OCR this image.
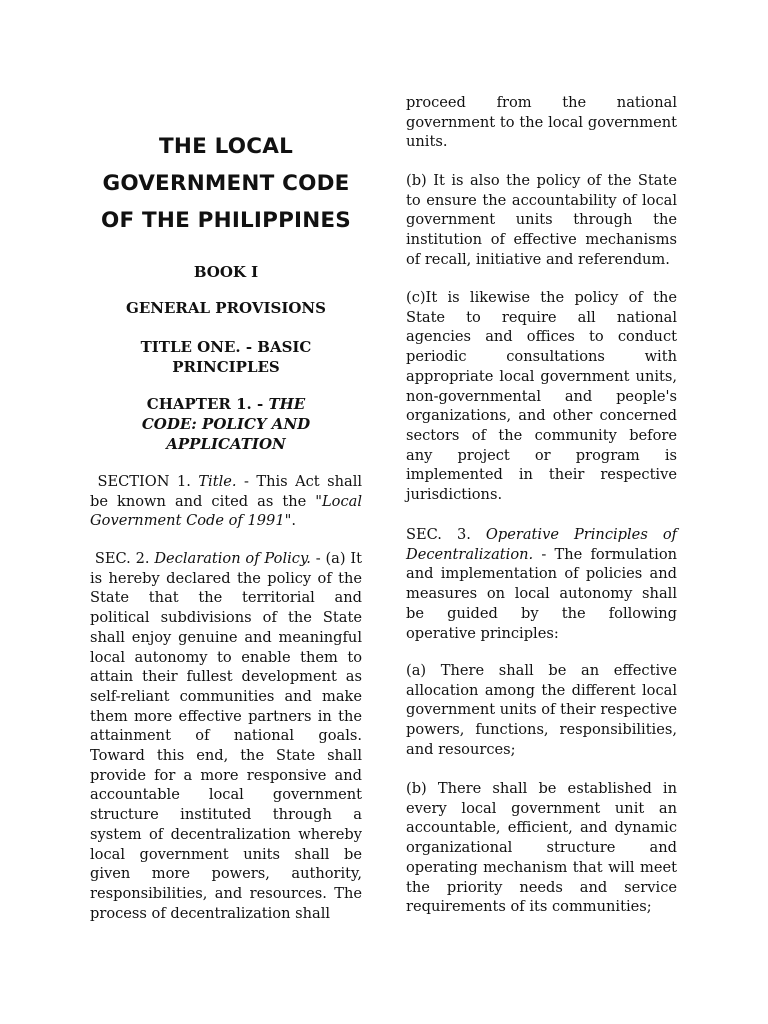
THE LOCAL
GOVERNMENT CODE
OF THE PHILIPPINES

BOOK I

GENERAL PROVISIONS

TITLE ONE. - BASIC PRINCIPLES

CHAPTER 1. - THE CODE: POLICY AND APPLICATION

SECTION 1. Title. - This Act shall be known and cited as the "Local Government Code of 1991".

SEC. 2. Declaration of Policy. - (a) It is hereby declared the policy of the State that the territorial and political subdivisions of the State shall enjoy genuine and meaningful local autonomy to enable them to attain their fullest development as self-reliant communities and make them more effective partners in the attainment of national goals. Toward this end, the State shall provide for a more responsive and accountable local government structure instituted through a system of decentralization whereby local government units shall be given more powers, authority, responsibilities, and resources. The process of decentralization shall

proceed from the national government to the local government units.

(b) It is also the policy of the State to ensure the accountability of local government units through the institution of effective mechanisms of recall, initiative and referendum.

(c)It is likewise the policy of the State to require all national agencies and offices to conduct periodic consultations with appropriate local government units, non-governmental and people's organizations, and other concerned sectors of the community before any project or program is implemented in their respective jurisdictions.

SEC. 3. Operative Principles of Decentralization. - The formulation and implementation of policies and measures on local autonomy shall be guided by the following operative principles:

(a) There shall be an effective allocation among the different local government units of their respective powers, functions, responsibilities, and resources;

(b) There shall be established in every local government unit an accountable, efficient, and dynamic organizational structure and operating mechanism that will meet the priority needs and service requirements of its communities;
